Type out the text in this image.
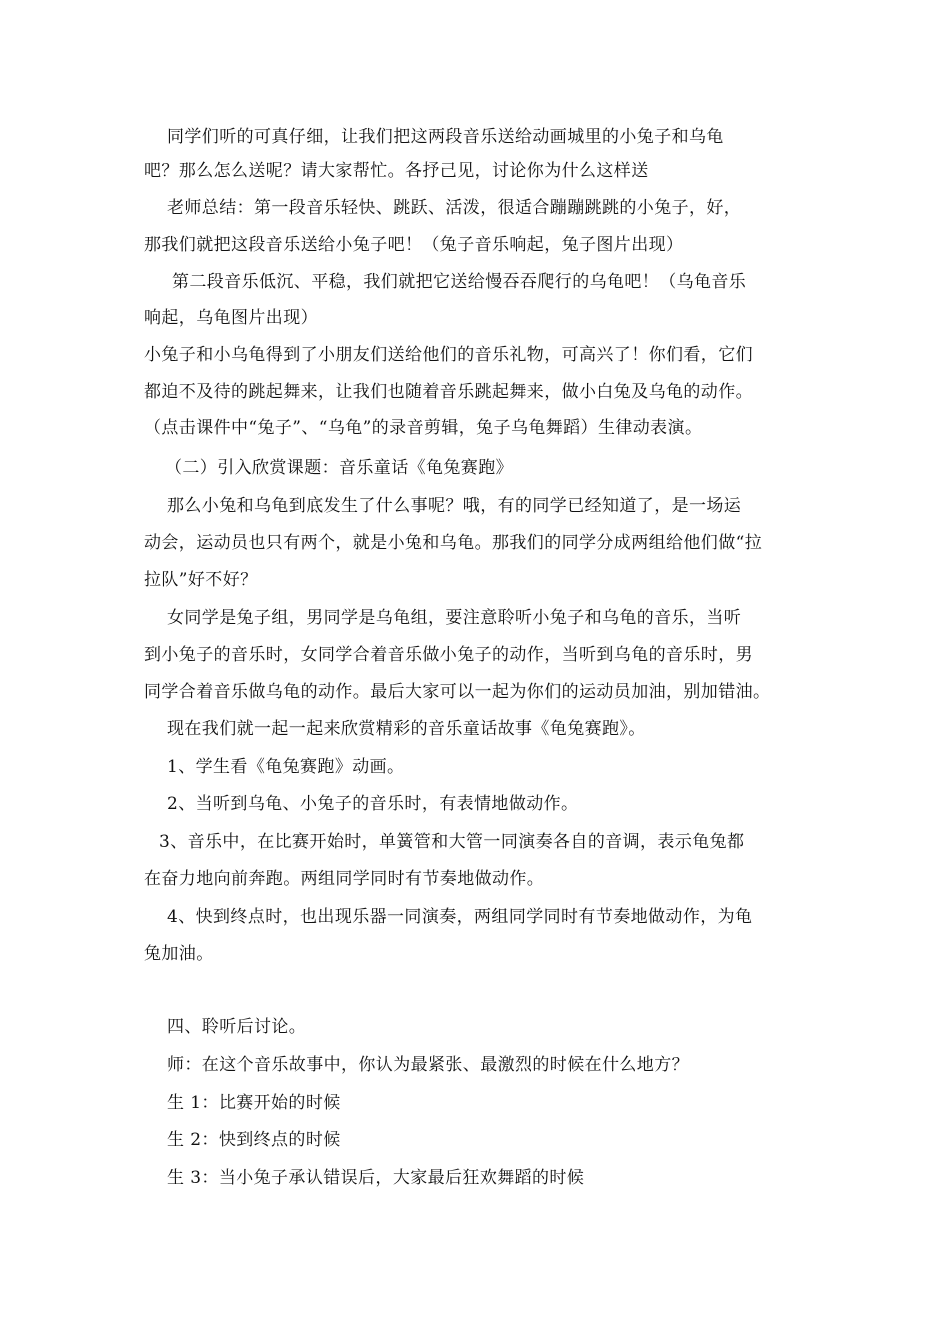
同学们听的可真仔细，让我们把这两段音乐送给动画城里的小兔子和乌龟
吧？那么怎么送呢？请大家帮忙。各抒己见，讨论你为什么这样送
老师总结：第一段音乐轻快、跳跃、活泼，很适合蹦蹦跳跳的小兔子，好，
那我们就把这段音乐送给小兔子吧！（兔子音乐响起，兔子图片出现）
第二段音乐低沉、平稳，我们就把它送给慢吞吞爬行的乌龟吧！（乌龟音乐
响起，乌龟图片出现）
小兔子和小乌龟得到了小朋友们送给他们的音乐礼物，可高兴了！你们看，它们
都迫不及待的跳起舞来，让我们也随着音乐跳起舞来，做小白兔及乌龟的动作。
（点击课件中“兔子”、“乌龟”的录音剪辑，兔子乌龟舞蹈）生律动表演。
（二）引入欣赏课题：音乐童话《龟兔赛跑》
那么小兔和乌龟到底发生了什么事呢？哦，有的同学已经知道了，是一场运
动会，运动员也只有两个，就是小兔和乌龟。那我们的同学分成两组给他们做“拉
拉队”好不好？
女同学是兔子组，男同学是乌龟组，要注意聆听小兔子和乌龟的音乐，当听
到小兔子的音乐时，女同学合着音乐做小兔子的动作，当听到乌龟的音乐时，男
同学合着音乐做乌龟的动作。最后大家可以一起为你们的运动员加油，别加错油。
现在我们就一起一起来欣赏精彩的音乐童话故事《龟兔赛跑》。
1、学生看《龟兔赛跑》动画。
2、当听到乌龟、小兔子的音乐时，有表情地做动作。
3、音乐中，在比赛开始时，单簧管和大管一同演奏各自的音调，表示龟兔都
在奋力地向前奔跑。两组同学同时有节奏地做动作。
4、快到终点时，也出现乐器一同演奏，两组同学同时有节奏地做动作，为龟
兔加油。
四、聆听后讨论。
师：在这个音乐故事中，你认为最紧张、最激烈的时候在什么地方？
生 1：比赛开始的时候
生 2：快到终点的时候
生 3：当小兔子承认错误后，大家最后狂欢舞蹈的时候
